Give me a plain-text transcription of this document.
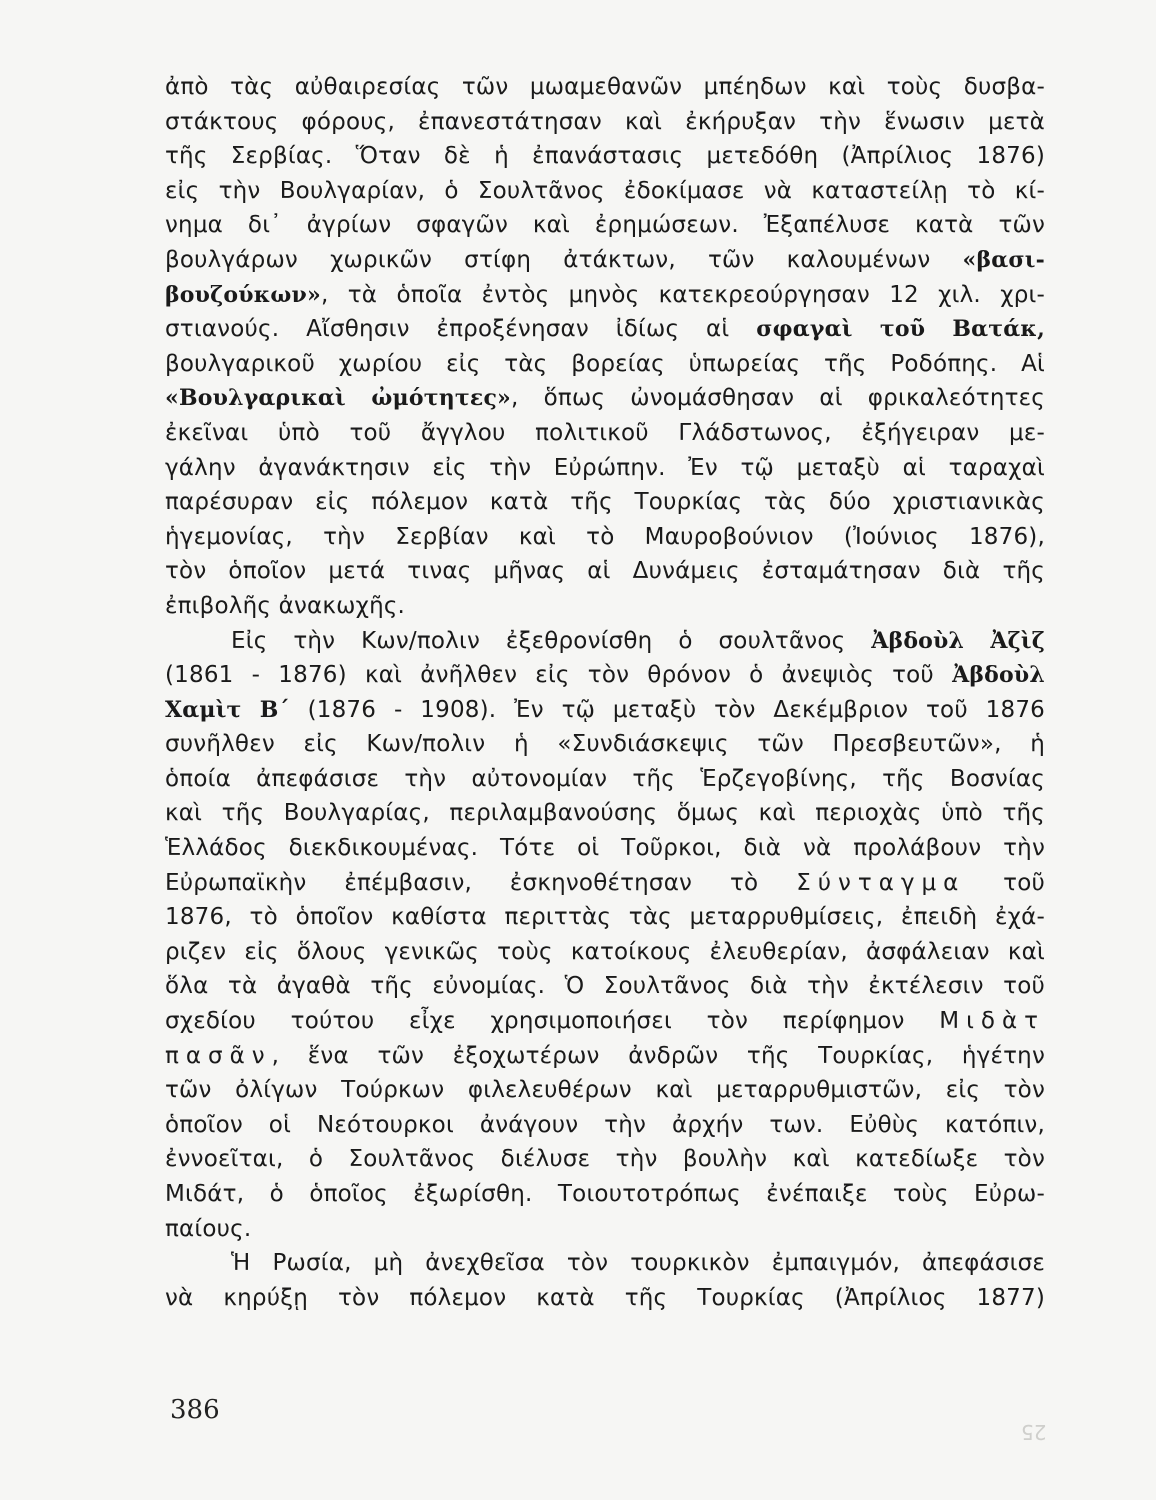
ἀπὸ τὰς αὐθαιρεσίας τῶν μωαμεθανῶν μπέηδων καὶ τοὺς δυσβα-
στάκτους φόρους, ἐπανεστάτησαν καὶ ἐκήρυξαν τὴν ἕνωσιν μετὰ
τῆς Σερβίας. Ὅταν δὲ ἡ ἐπανάστασις μετεδόθη (Ἀπρίλιος 1876)
εἰς τὴν Βουλγαρίαν, ὁ Σουλτᾶνος ἐδοκίμασε νὰ καταστείλῃ τὸ κί-
νημα δι᾽ ἀγρίων σφαγῶν καὶ ἐρημώσεων. Ἐξαπέλυσε κατὰ τῶν
βουλγάρων χωρικῶν στίφη ἀτάκτων, τῶν καλουμένων «βασι-
βουζούκων», τὰ ὁποῖα ἐντὸς μηνὸς κατεκρεούργησαν 12 χιλ. χρι-
στιανούς. Αἴσθησιν ἐπροξένησαν ἰδίως αἱ σφαγαὶ τοῦ Βατάκ,
βουλγαρικοῦ χωρίου εἰς τὰς βορείας ὑπωρείας τῆς Ροδόπης. Αἱ
«Βουλγαρικαὶ ὠμότητες», ὅπως ὠνομάσθησαν αἱ φρικαλεότητες
ἐκεῖναι ὑπὸ τοῦ ἄγγλου πολιτικοῦ Γλάδστωνος, ἐξήγειραν με-
γάλην ἀγανάκτησιν εἰς τὴν Εὐρώπην. Ἐν τῷ μεταξὺ αἱ ταραχαὶ
παρέσυραν εἰς πόλεμον κατὰ τῆς Τουρκίας τὰς δύο χριστιανικὰς
ἡγεμονίας, τὴν Σερβίαν καὶ τὸ Μαυροβούνιον (Ἰούνιος 1876),
τὸν ὁποῖον μετά τινας μῆνας αἱ Δυνάμεις ἐσταμάτησαν διὰ τῆς
ἐπιβολῆς ἀνακωχῆς.
Εἰς τὴν Κων/πολιν ἐξεθρονίσθη ὁ σουλτᾶνος Ἀβδοὺλ Ἀζὶζ
(1861 - 1876) καὶ ἀνῆλθεν εἰς τὸν θρόνον ὁ ἀνεψιὸς τοῦ Ἀβδοὺλ
Χαμὶτ Β΄ (1876 - 1908). Ἐν τῷ μεταξὺ τὸν Δεκέμβριον τοῦ 1876
συνῆλθεν εἰς Κων/πολιν ἡ «Συνδιάσκεψις τῶν Πρεσβευτῶν», ἡ
ὁποία ἀπεφάσισε τὴν αὐτονομίαν τῆς Ἑρζεγοβίνης, τῆς Βοσνίας
καὶ τῆς Βουλγαρίας, περιλαμβανούσης ὅμως καὶ περιοχὰς ὑπὸ τῆς
Ἑλλάδος διεκδικουμένας. Τότε οἱ Τοῦρκοι, διὰ νὰ προλάβουν τὴν
Εὐρωπαϊκὴν ἐπέμβασιν, ἐσκηνοθέτησαν τὸ Σύνταγμα τοῦ
1876, τὸ ὁποῖον καθίστα περιττὰς τὰς μεταρρυθμίσεις, ἐπειδὴ ἐχά-
ριζεν εἰς ὅλους γενικῶς τοὺς κατοίκους ἐλευθερίαν, ἀσφάλειαν καὶ
ὅλα τὰ ἀγαθὰ τῆς εὐνομίας. Ὁ Σουλτᾶνος διὰ τὴν ἐκτέλεσιν τοῦ
σχεδίου τούτου εἶχε χρησιμοποιήσει τὸν περίφημον Μιδὰτ
πασᾶν, ἕνα τῶν ἐξοχωτέρων ἀνδρῶν τῆς Τουρκίας, ἡγέτην
τῶν ὀλίγων Τούρκων φιλελευθέρων καὶ μεταρρυθμιστῶν, εἰς τὸν
ὁποῖον οἱ Νεότουρκοι ἀνάγουν τὴν ἀρχήν των. Εὐθὺς κατόπιν,
ἐννοεῖται, ὁ Σουλτᾶνος διέλυσε τὴν βουλὴν καὶ κατεδίωξε τὸν
Μιδάτ, ὁ ὁποῖος ἐξωρίσθη. Τοιουτοτρόπως ἐνέπαιξε τοὺς Εὐρω-
παίους.
Ἡ Ρωσία, μὴ ἀνεχθεῖσα τὸν τουρκικὸν ἐμπαιγμόν, ἀπεφάσισε
νὰ κηρύξῃ τὸν πόλεμον κατὰ τῆς Τουρκίας (Ἀπρίλιος 1877)
386
25
